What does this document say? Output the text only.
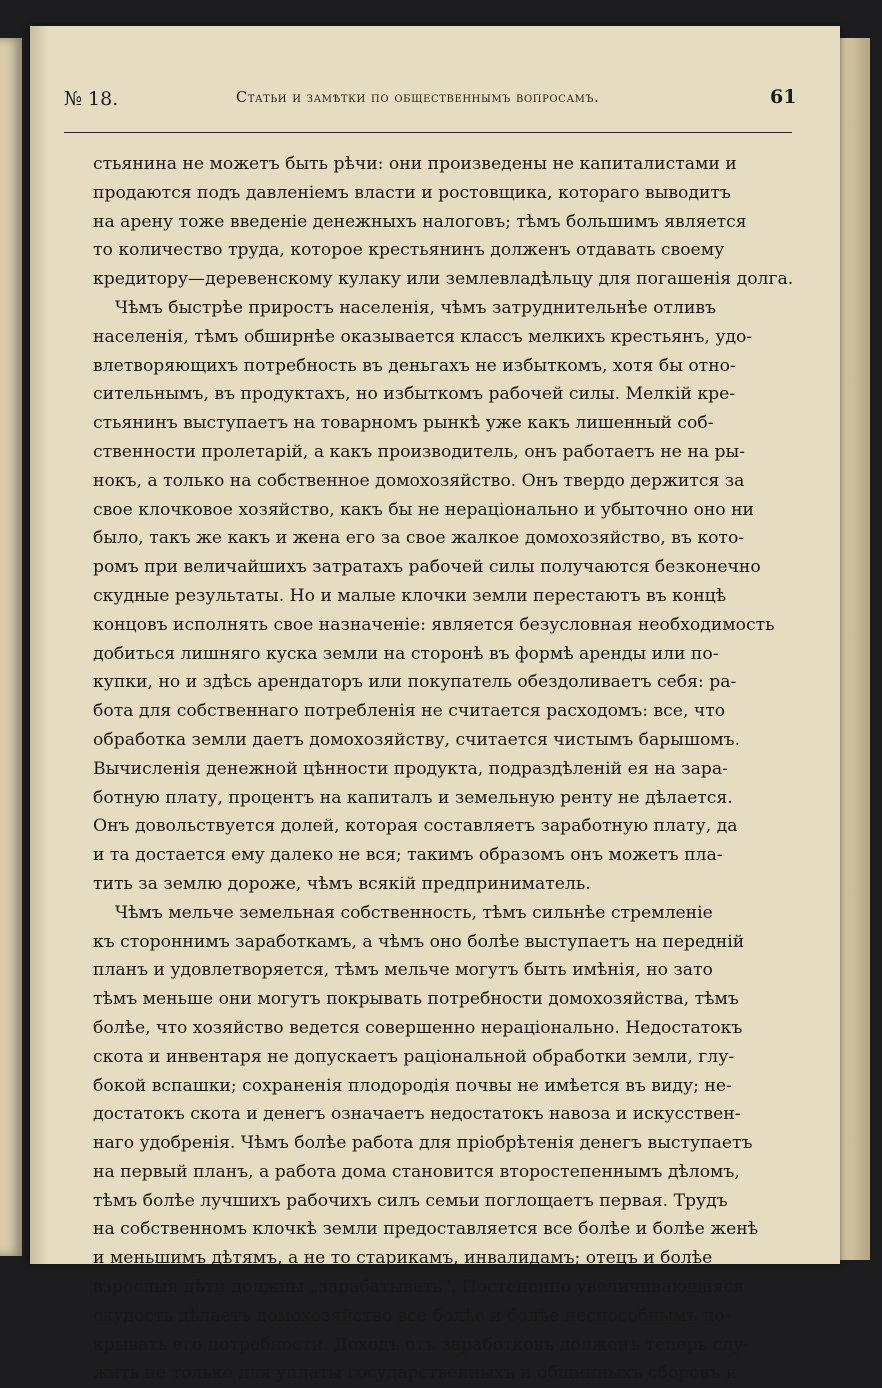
№ 18.	Статьи и замѣтки по общественнымъ вопросамъ.	61
стьянина не можетъ быть рѣчи: они произведены не капиталистами и
продаются подъ давленіемъ власти и ростовщика, котораго выводитъ
на арену тоже введеніе денежныхъ налоговъ; тѣмъ большимъ является
то количество труда, которое крестьянинъ долженъ отдавать своему
кредитору—деревенскому кулаку или землевладѣльцу для погашенія долга.
Чѣмъ быстрѣе приростъ населенія, чѣмъ затруднительнѣе отливъ
населенія, тѣмъ обширнѣе оказывается классъ мелкихъ крестьянъ, удо-
влетворяющихъ потребность въ деньгахъ не избыткомъ, хотя бы отно-
сительнымъ, въ продуктахъ, но избыткомъ рабочей силы. Мелкій кре-
стьянинъ выступаетъ на товарномъ рынкѣ уже какъ лишенный соб-
ственности пролетарій, а какъ производитель, онъ работаетъ не на ры-
нокъ, а только на собственное домохозяйство. Онъ твердо держится за
свое клочковое хозяйство, какъ бы не нераціонально и убыточно оно ни
было, такъ же какъ и жена его за свое жалкое домохозяйство, въ кото-
ромъ при величайшихъ затратахъ рабочей силы получаются безконечно
скудные результаты. Но и малые клочки земли перестаютъ въ концѣ
концовъ исполнять свое назначеніе: является безусловная необходимость
добиться лишняго куска земли на сторонѣ въ формѣ аренды или по-
купки, но и здѣсь арендаторъ или покупатель обездоливаетъ себя: ра-
бота для собственнаго потребленія не считается расходомъ: все, что
обработка земли даетъ домохозяйству, считается чистымъ барышомъ.
Вычисленія денежной цѣнности продукта, подраздѣленій ея на зара-
ботную плату, процентъ на капиталъ и земельную ренту не дѣлается.
Онъ довольствуется долей, которая составляетъ заработную плату, да
и та достается ему далеко не вся; такимъ образомъ онъ можетъ пла-
тить за землю дороже, чѣмъ всякій предприниматель.
Чѣмъ мельче земельная собственность, тѣмъ сильнѣе стремленіе
къ стороннимъ заработкамъ, а чѣмъ оно болѣе выступаетъ на передній
планъ и удовлетворяется, тѣмъ мельче могутъ быть имѣнія, но зато
тѣмъ меньше они могутъ покрывать потребности домохозяйства, тѣмъ
болѣе, что хозяйство ведется совершенно нераціонально. Недостатокъ
скота и инвентаря не допускаетъ раціональной обработки земли, глу-
бокой вспашки; сохраненія плодородія почвы не имѣется въ виду; не-
достатокъ скота и денегъ означаетъ недостатокъ навоза и искусствен-
наго удобренія. Чѣмъ болѣе работа для пріобрѣтенія денегъ выступаетъ
на первый планъ, а работа дома становится второстепеннымъ дѣломъ,
тѣмъ болѣе лучшихъ рабочихъ силъ семьи поглощаетъ первая. Трудъ
на собственномъ клочкѣ земли предоставляется все болѣе и болѣе женѣ
и меньшимъ дѣтямъ, а не то старикамъ, инвалидамъ; отецъ и болѣе
взрослыя дѣти должны „зарабатывать“. Постепенно увеличивающаяся
скудость дѣлаетъ домохозяйство все болѣе и болѣе неспособнымъ по-
крывать его потребности. Доходъ отъ заработковъ долженъ теперь слу-
жить не только для уплаты государственныхъ и общинныхъ сборовъ и
